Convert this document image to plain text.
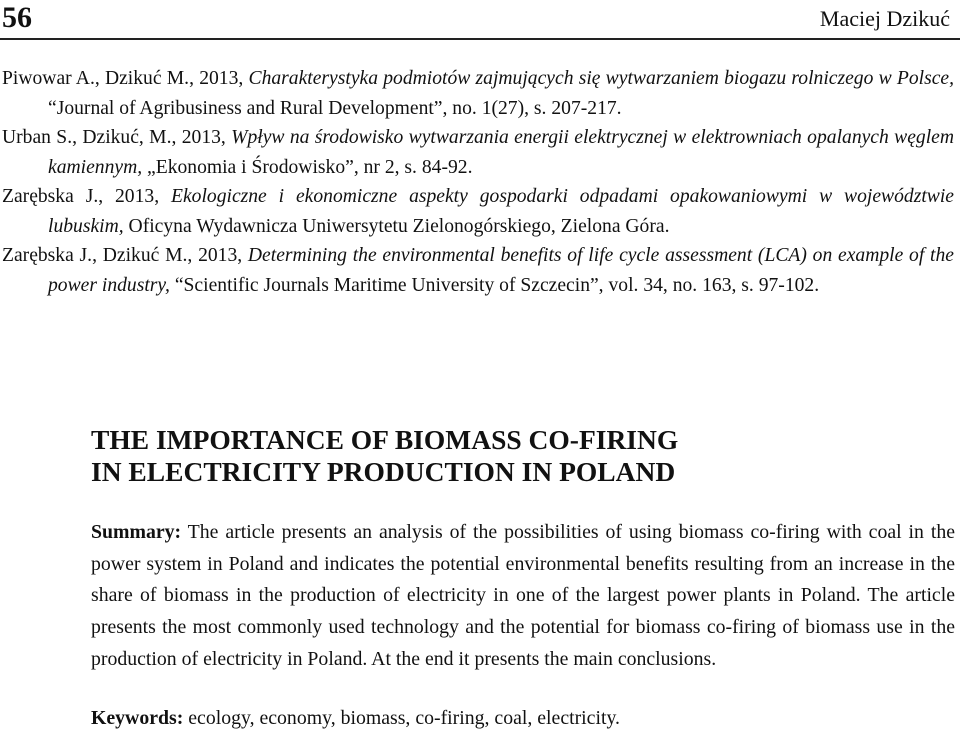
56	Maciej Dzikuć

Piwowar A., Dzikuć M., 2013, Charakterystyka podmiotów zajmujących się wytwarzaniem biogazu rolniczego w Polsce, “Journal of Agribusiness and Rural Development”, no. 1(27), s. 207-217.

Urban S., Dzikuć, M., 2013, Wpływ na środowisko wytwarzania energii elektrycznej w elektrowniach opalanych węglem kamiennym, „Ekonomia i Środowisko”, nr 2, s. 84-92.

Zarębska J., 2013, Ekologiczne i ekonomiczne aspekty gospodarki odpadami opakowaniowymi w województwie lubuskim, Oficyna Wydawnicza Uniwersytetu Zielonogórskiego, Zielona Góra.

Zarębska J., Dzikuć M., 2013, Determining the environmental benefits of life cycle assessment (LCA) on example of the power industry, “Scientific Journals Maritime University of Szczecin”, vol. 34, no. 163, s. 97-102.

THE IMPORTANCE OF BIOMASS CO-FIRING
IN ELECTRICITY PRODUCTION IN POLAND

Summary: The article presents an analysis of the possibilities of using biomass co-firing with coal in the power system in Poland and indicates the potential environmental benefits resulting from an increase in the share of biomass in the production of electricity in one of the largest power plants in Poland. The article presents the most commonly used technology and the potential for biomass co-firing of biomass use in the production of electricity in Poland. At the end it presents the main conclusions.

Keywords: ecology, economy, biomass, co-firing, coal, electricity.
